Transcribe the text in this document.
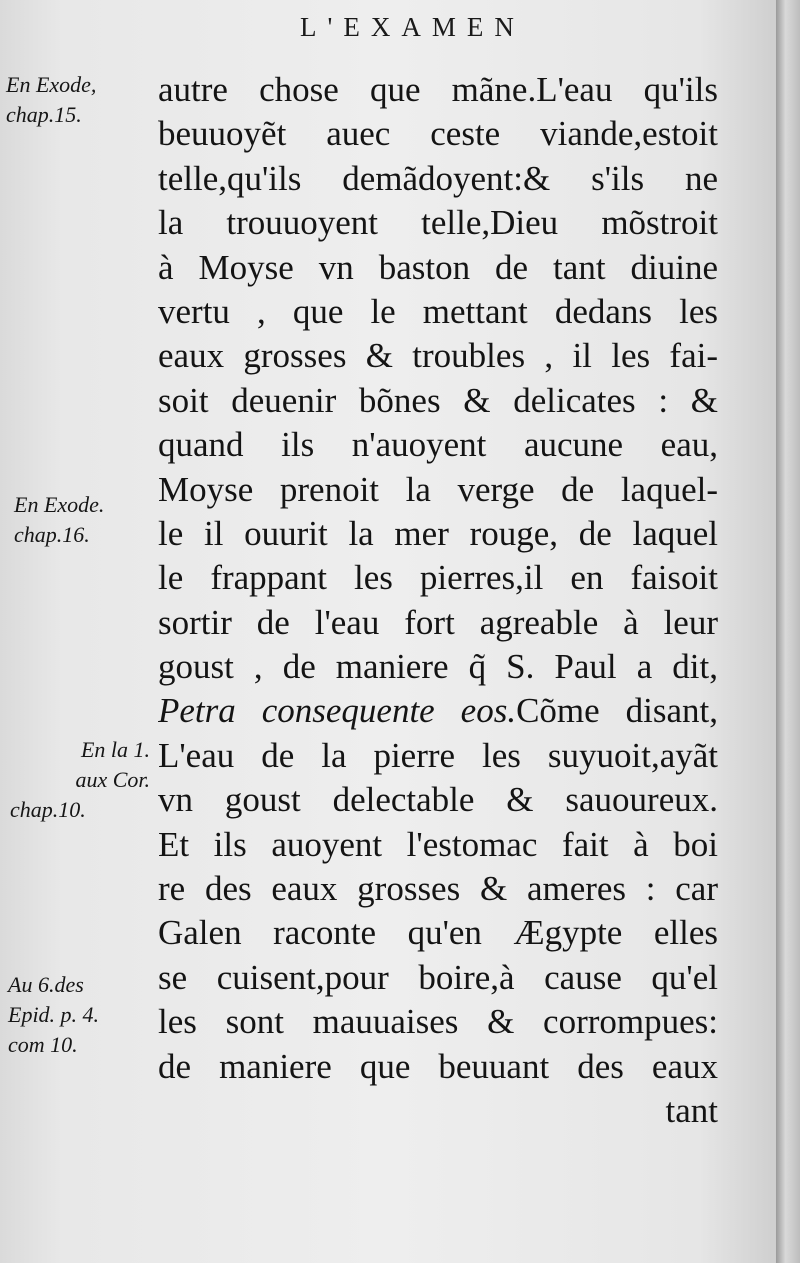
L'EXAMEN
En Exode,
chap.15.
En Exode.
chap.16.
En la 1.
aux Cor.
chap.10.
Au 6.des
Epid. p. 4.
com 10.
autre chose que mãne.L'eau qu'ils
beuuoyẽt auec ceste viande,estoit
telle,qu'ils demãdoyent:& s'ils ne
la trouuoyent telle,Dieu mõstroit
à Moyse vn baston de tant diuine
vertu , que le mettant dedans les
eaux grosses & troubles , il les fai-
soit deuenir bõnes & delicates : &
quand ils n'auoyent aucune eau,
Moyse prenoit la verge de laquel-
le il ouurit la mer rouge, de laquel
le frappant les pierres,il en faisoit
sortir de l'eau fort agreable à leur
goust , de maniere q̃ S. Paul a dit,
Petra consequente eos.Cõme disant,
L'eau de la pierre les suyuoit,ayãt
vn goust delectable & sauoureux.
Et ils auoyent l'estomac fait à boi
re des eaux grosses & ameres : car
Galen raconte qu'en Ægypte elles
se cuisent,pour boire,à cause qu'el
les sont mauuaises & corrompues:
de maniere que beuuant des eaux
tant
